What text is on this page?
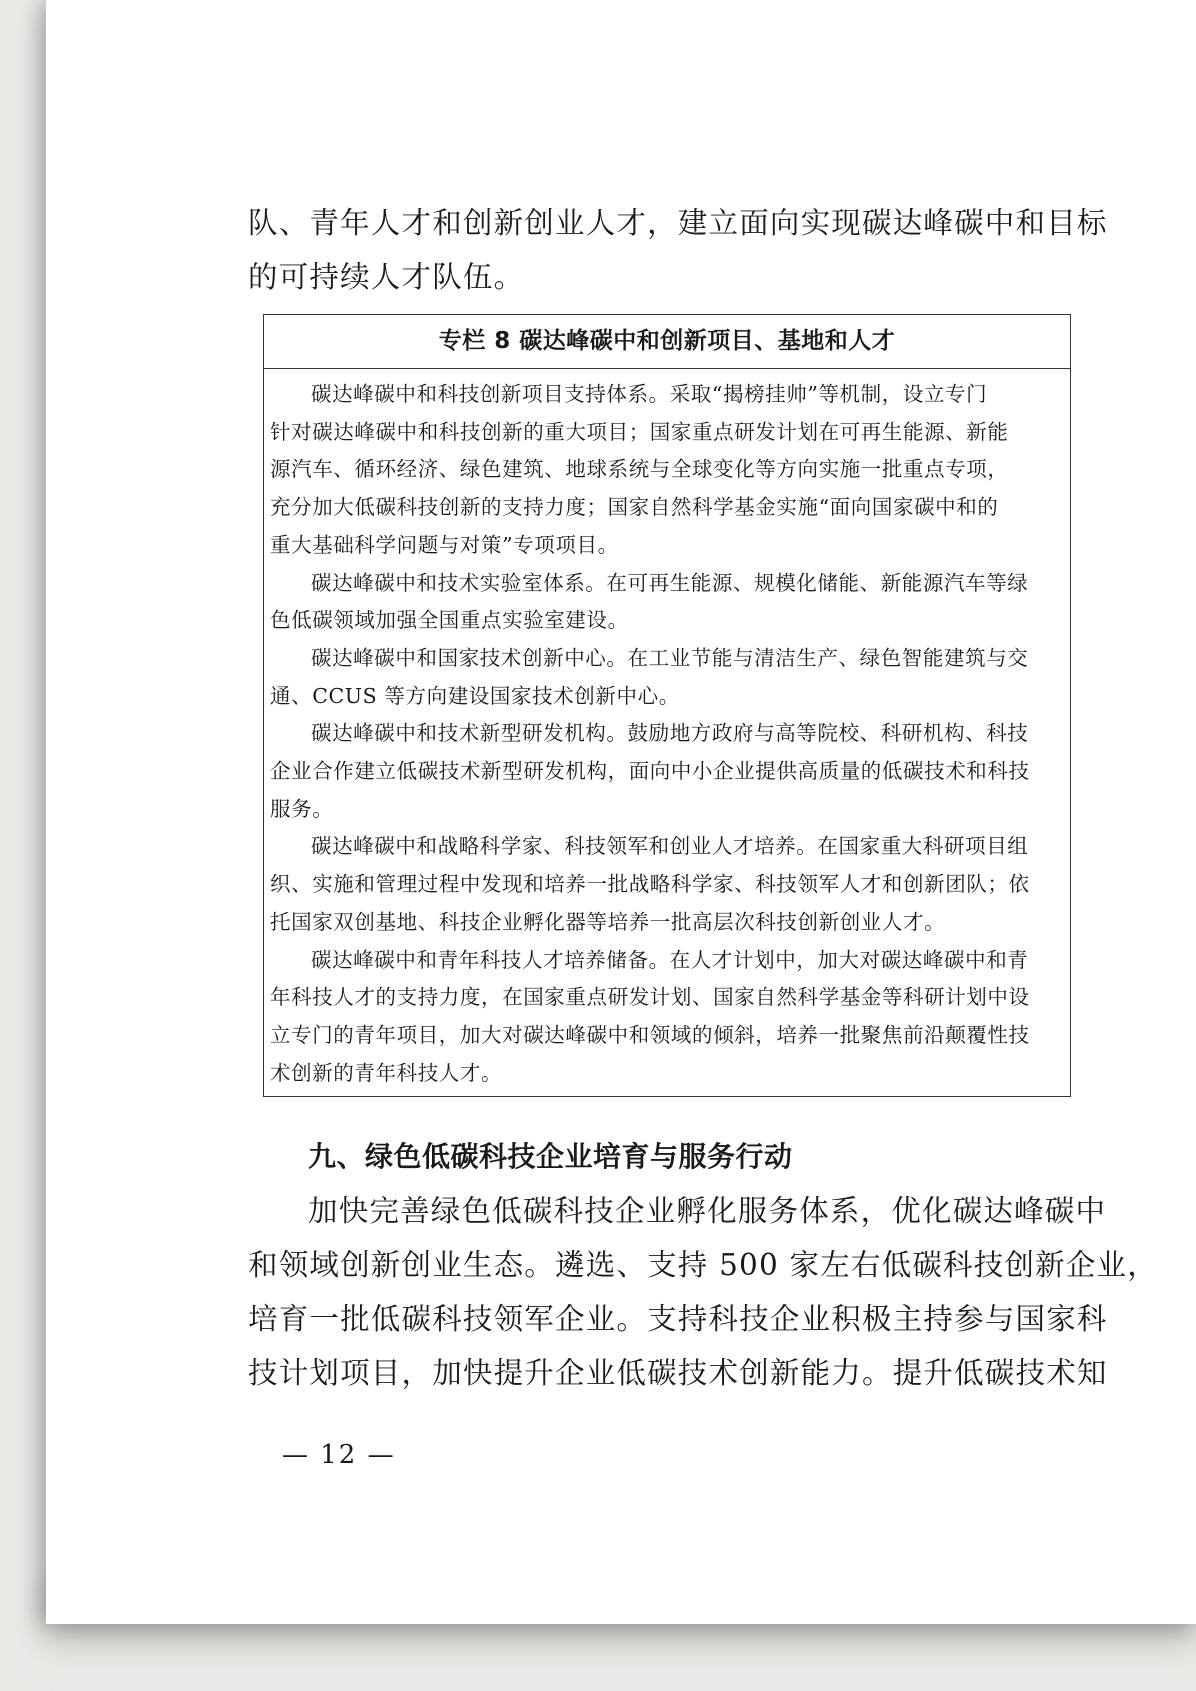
队、青年人才和创新创业人才，建立面向实现碳达峰碳中和目标

的可持续人才队伍。

专栏 8 碳达峰碳中和创新项目、基地和人才
碳达峰碳中和科技创新项目支持体系。采取“揭榜挂帅”等机制，设立专门
针对碳达峰碳中和科技创新的重大项目；国家重点研发计划在可再生能源、新能
源汽车、循环经济、绿色建筑、地球系统与全球变化等方向实施一批重点专项，
充分加大低碳科技创新的支持力度；国家自然科学基金实施“面向国家碳中和的
重大基础科学问题与对策”专项项目。
碳达峰碳中和技术实验室体系。在可再生能源、规模化储能、新能源汽车等绿
色低碳领域加强全国重点实验室建设。
碳达峰碳中和国家技术创新中心。在工业节能与清洁生产、绿色智能建筑与交
通、CCUS 等方向建设国家技术创新中心。
碳达峰碳中和技术新型研发机构。鼓励地方政府与高等院校、科研机构、科技
企业合作建立低碳技术新型研发机构，面向中小企业提供高质量的低碳技术和科技
服务。
碳达峰碳中和战略科学家、科技领军和创业人才培养。在国家重大科研项目组
织、实施和管理过程中发现和培养一批战略科学家、科技领军人才和创新团队；依
托国家双创基地、科技企业孵化器等培养一批高层次科技创新创业人才。
碳达峰碳中和青年科技人才培养储备。在人才计划中，加大对碳达峰碳中和青
年科技人才的支持力度，在国家重点研发计划、国家自然科学基金等科研计划中设
立专门的青年项目，加大对碳达峰碳中和领域的倾斜，培养一批聚焦前沿颠覆性技
术创新的青年科技人才。
九、绿色低碳科技企业培育与服务行动
加快完善绿色低碳科技企业孵化服务体系，优化碳达峰碳中
和领域创新创业生态。遴选、支持 500 家左右低碳科技创新企业，
培育一批低碳科技领军企业。支持科技企业积极主持参与国家科
技计划项目，加快提升企业低碳技术创新能力。提升低碳技术知
— 12 —
